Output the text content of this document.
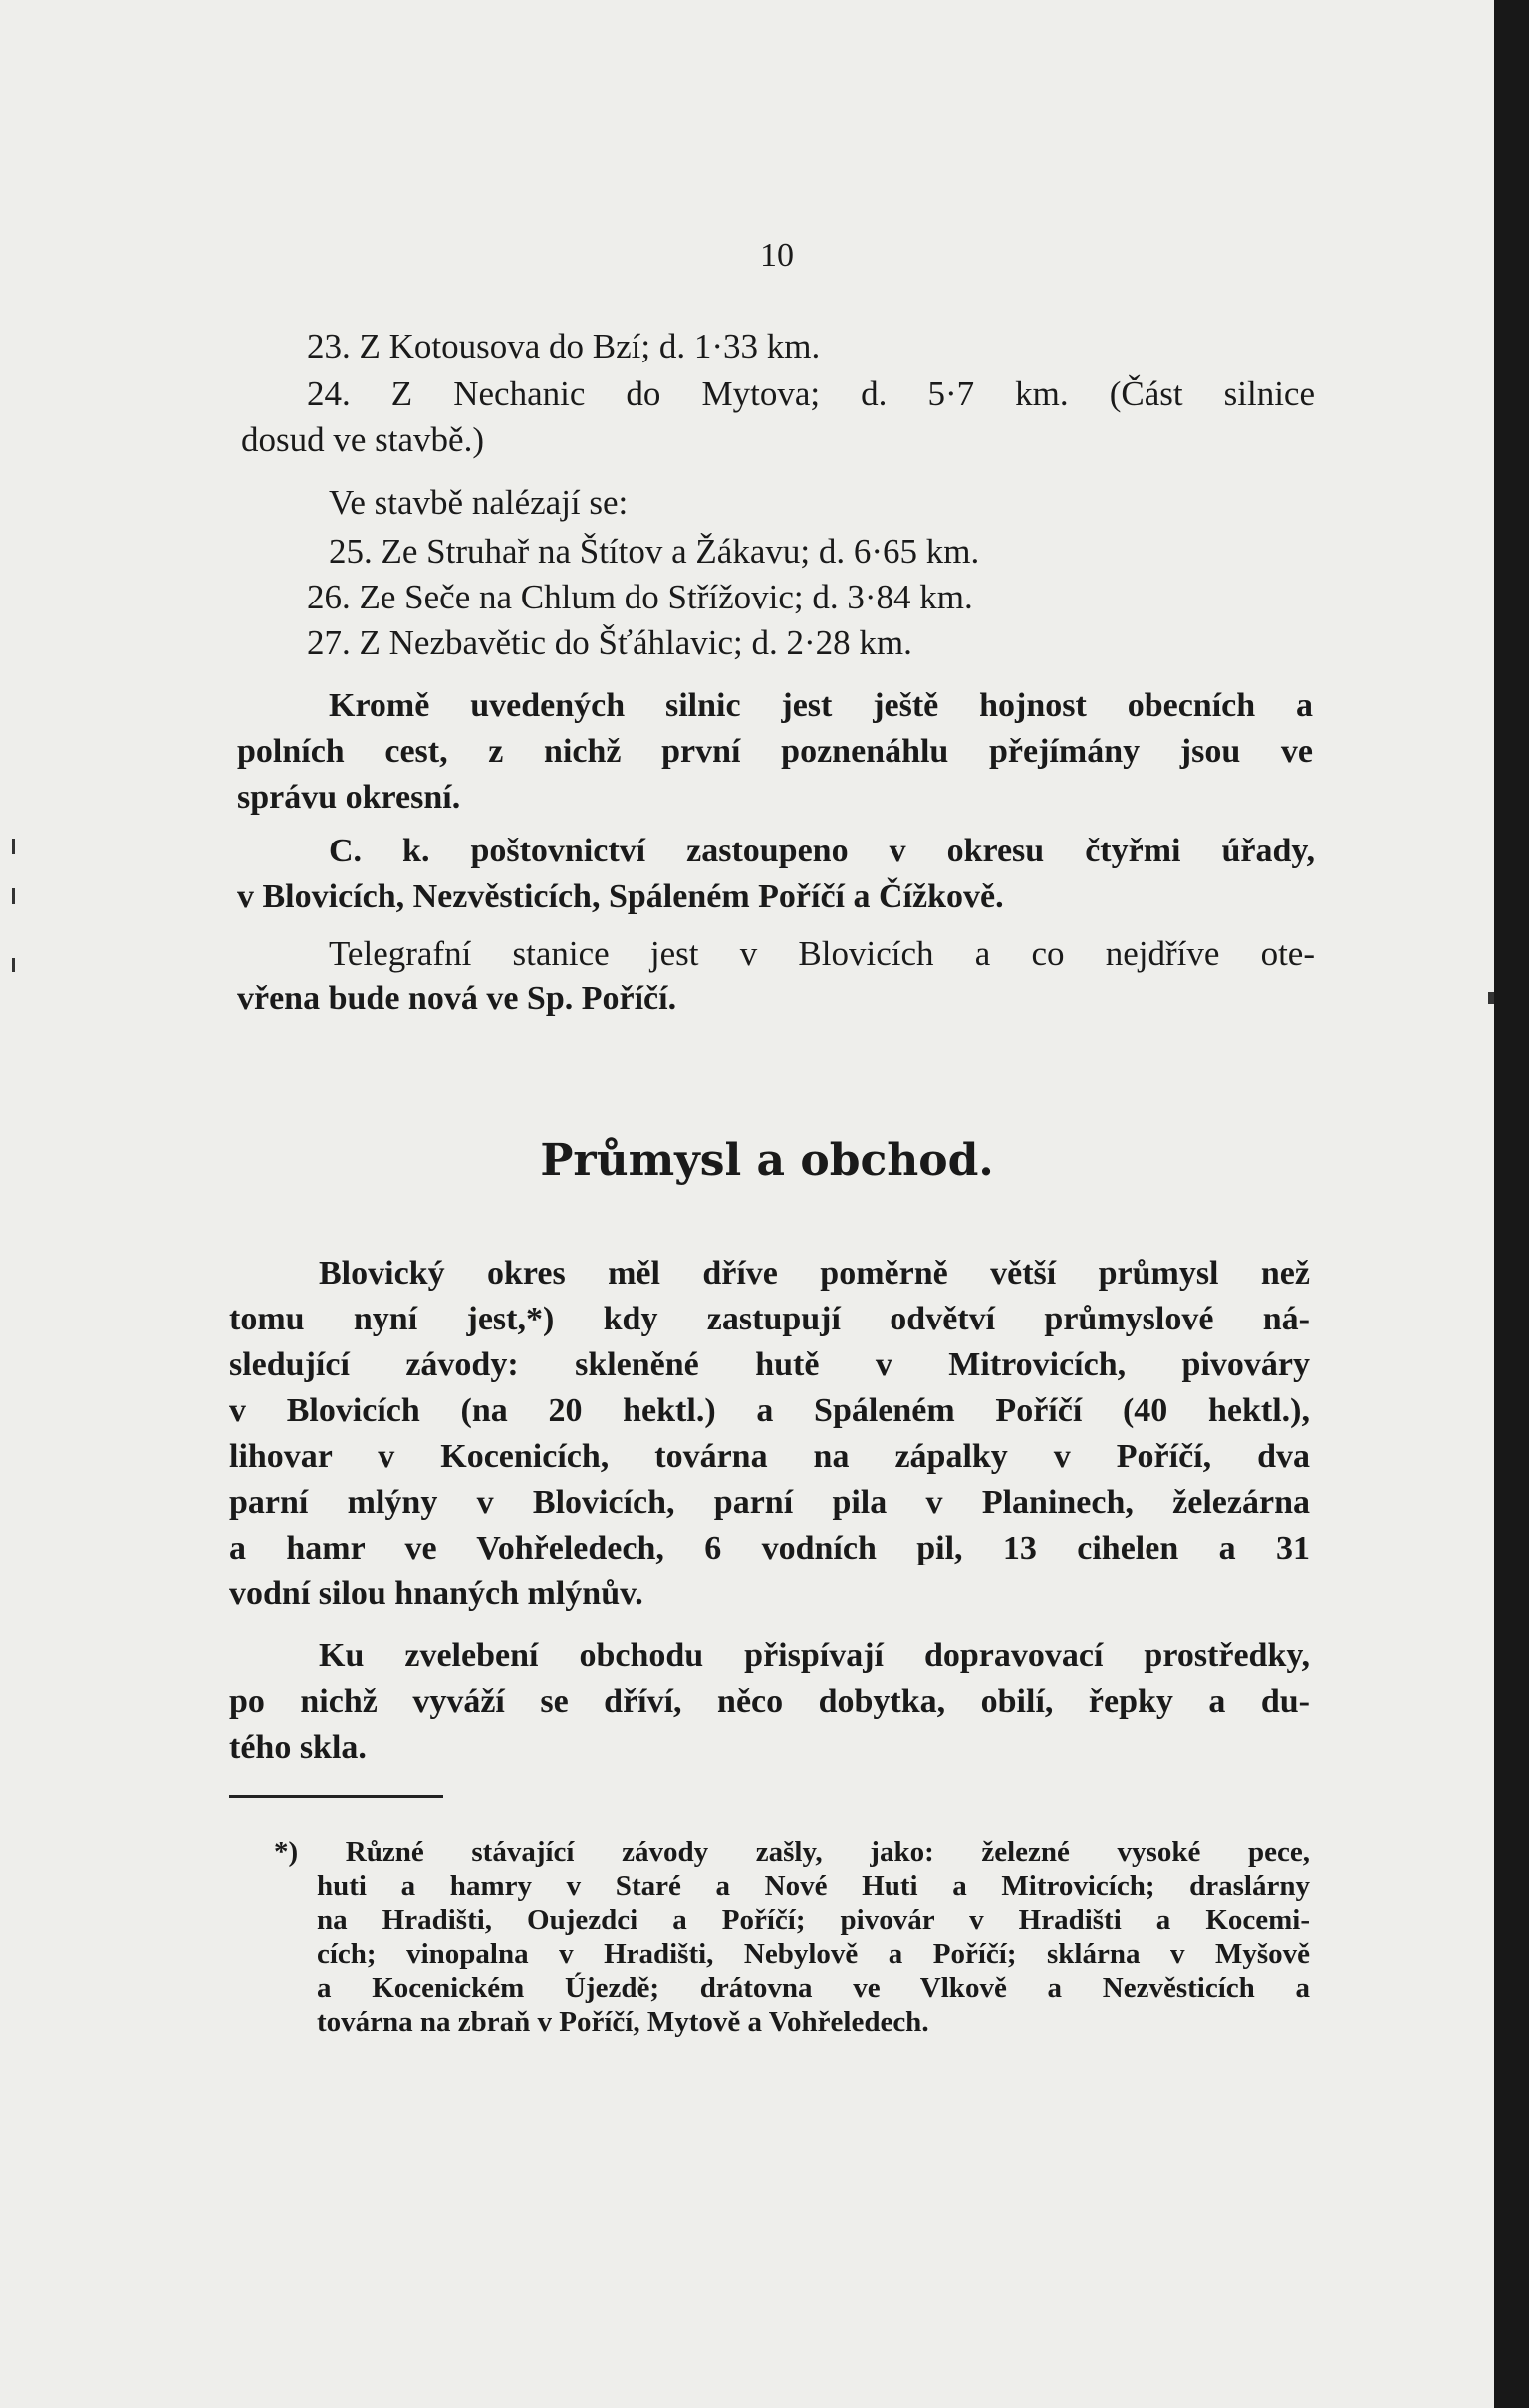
10
23. Z Kotousova do Bzí; d. 1·33 km.
24. Z Nechanic do Mytova; d. 5·7 km. (Část silnice
dosud ve stavbě.)
Ve stavbě nalézají se:
25. Ze Struhař na Štítov a Žákavu; d. 6·65 km.
26. Ze Seče na Chlum do Střížovic; d. 3·84 km.
27. Z Nezbavětic do Šťáhlavic; d. 2·28 km.
Kromě uvedených silnic jest ještě hojnost obecních a
polních cest, z nichž první poznenáhlu přejímány jsou ve
správu okresní.
C. k. poštovnictví zastoupeno v okresu čtyřmi úřady,
v Blovicích, Nezvěsticích, Spáleném Poříčí a Čížkově.
Telegrafní stanice jest v Blovicích a co nejdříve ote-
vřena bude nová ve Sp. Poříčí.
Průmysl a obchod.
Blovický okres měl dříve poměrně větší průmysl než
tomu nyní jest,*) kdy zastupují odvětví průmyslové ná-
sledující závody: skleněné hutě v Mitrovicích, pivováry
v Blovicích (na 20 hektl.) a Spáleném Poříčí (40 hektl.),
lihovar v Kocenicích, továrna na zápalky v Poříčí, dva
parní mlýny v Blovicích, parní pila v Planinech, železárna
a hamr ve Vohřeledech, 6 vodních pil, 13 cihelen a 31
vodní silou hnaných mlýnův.
Ku zvelebení obchodu přispívají dopravovací prostředky,
po nichž vyváží se dříví, něco dobytka, obilí, řepky a du-
tého skla.
*) Různé stávající závody zašly, jako: železné vysoké pece,
huti a hamry v Staré a Nové Huti a Mitrovicích; draslárny
na Hradišti, Oujezdci a Poříčí; pivovár v Hradišti a Kocemi-
cích; vinopalna v Hradišti, Nebylově a Poříčí; sklárna v Myšově
a Kocenickém Újezdě; drátovna ve Vlkově a Nezvěsticích a
továrna na zbraň v Poříčí, Mytově a Vohřeledech.
